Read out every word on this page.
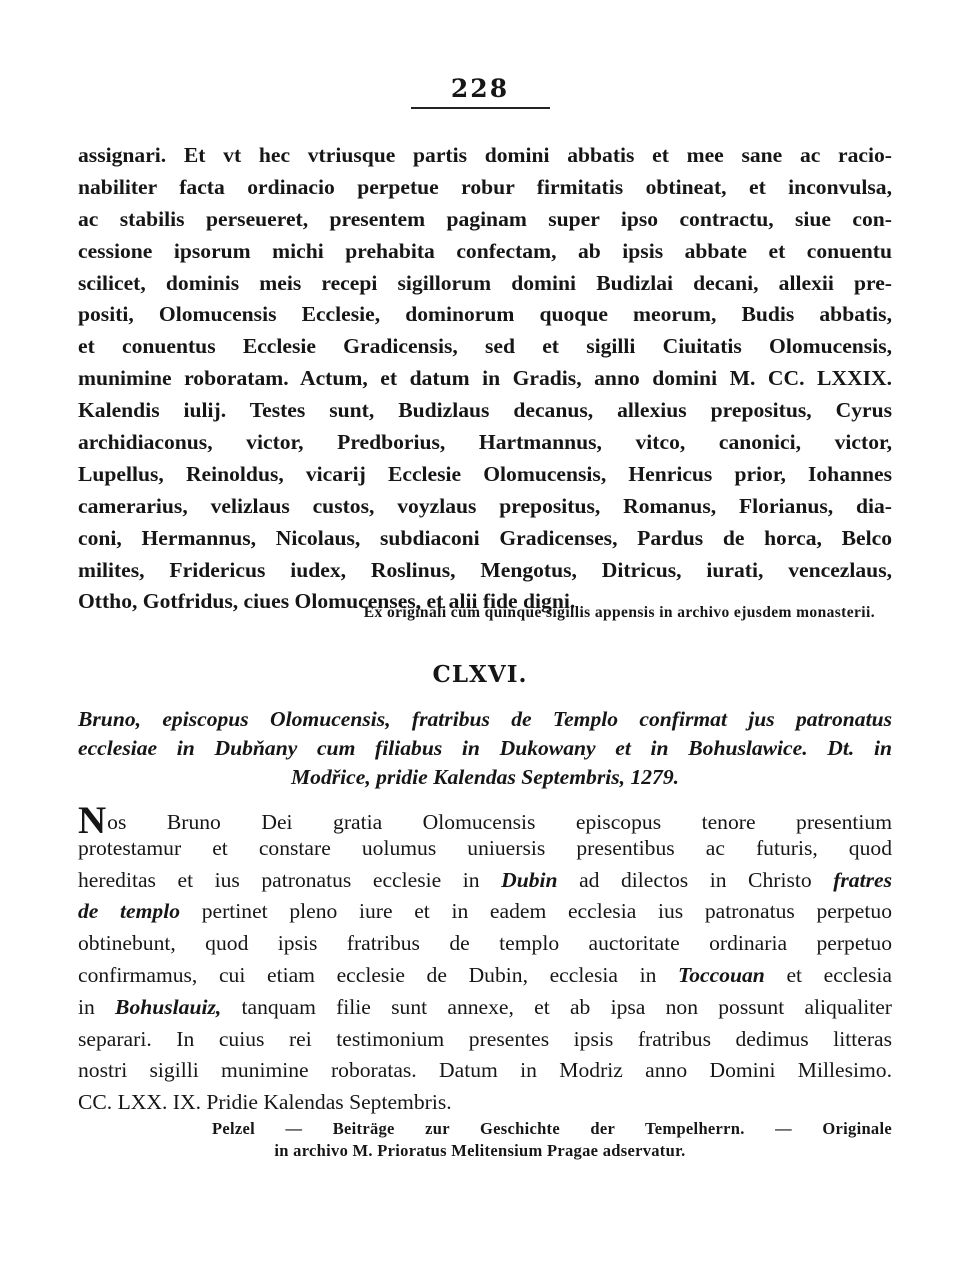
228
assignari. Et vt hec vtriusque partis domini abbatis et mee sane ac racio-
nabiliter facta ordinacio perpetue robur firmitatis obtineat, et inconvulsa,
ac stabilis perseueret, presentem paginam super ipso contractu, siue con-
cessione ipsorum michi prehabita confectam, ab ipsis abbate et conuentu
scilicet, dominis meis recepi sigillorum domini Budizlai decani, allexii pre-
positi, Olomucensis Ecclesie, dominorum quoque meorum, Budis abbatis,
et conuentus Ecclesie Gradicensis, sed et sigilli Ciuitatis Olomucensis,
munimine roboratam. Actum, et datum in Gradis, anno domini M. CC. LXXIX.
Kalendis iulij. Testes sunt, Budizlaus decanus, allexius prepositus, Cyrus
archidiaconus, victor, Predborius, Hartmannus, vitco, canonici, victor,
Lupellus, Reinoldus, vicarij Ecclesie Olomucensis, Henricus prior, Iohannes
camerarius, velizlaus custos, voyzlaus prepositus, Romanus, Florianus, dia-
coni, Hermannus, Nicolaus, subdiaconi Gradicenses, Pardus de horca, Belco
milites, Fridericus iudex, Roslinus, Mengotus, Ditricus, iurati, vencezlaus,
Ottho, Gotfridus, ciues Olomucenses, et alii fide digni.
Ex originali cum quinque sigillis appensis in archivo ejusdem monasterii.
CLXVI.
Bruno, episcopus Olomucensis, fratribus de Templo confirmat jus patronatus
ecclesiae in Dubňany cum filiabus in Dukowany et in Bohuslawice. Dt. in
Modřice, pridie Kalendas Septembris, 1279.
Nos Bruno Dei gratia Olomucensis episcopus tenore presentium
protestamur et constare uolumus uniuersis presentibus ac futuris, quod
hereditas et ius patronatus ecclesie in Dubin ad dilectos in Christo fratres
de templo pertinet pleno iure et in eadem ecclesia ius patronatus perpetuo
obtinebunt, quod ipsis fratribus de templo auctoritate ordinaria perpetuo
confirmamus, cui etiam ecclesie de Dubin, ecclesia in Toccouan et ecclesia
in Bohuslauiz, tanquam filie sunt annexe, et ab ipsa non possunt aliqualiter
separari. In cuius rei testimonium presentes ipsis fratribus dedimus litteras
nostri sigilli munimine roboratas. Datum in Modriz anno Domini Millesimo.
CC. LXX. IX. Pridie Kalendas Septembris.
Pelzel — Beiträge zur Geschichte der Tempelherrn. — Originale
in archivo M. Prioratus Melitensium Pragae adservatur.
